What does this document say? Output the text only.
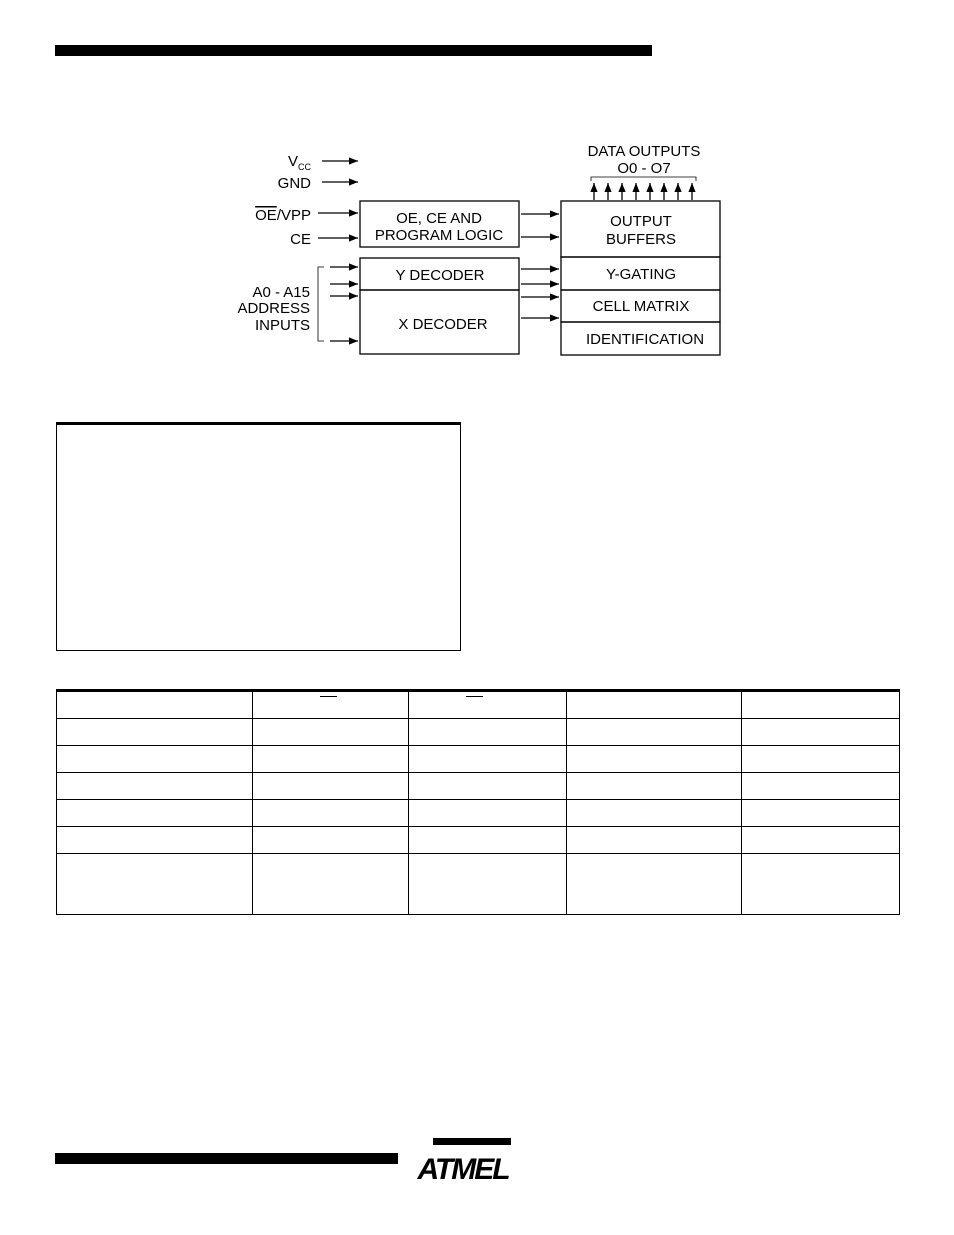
$V_{CC}$
GND
OE/VPP
CE
A0 - A15
ADDRESS
INPUTS
OE, CE AND
PROGRAM LOGIC
Y DECODER
X DECODER
OUTPUT
BUFFERS
Y-GATING
CELL MATRIX
IDENTIFICATION
DATA OUTPUTS
O0 - O7

ATMEL
